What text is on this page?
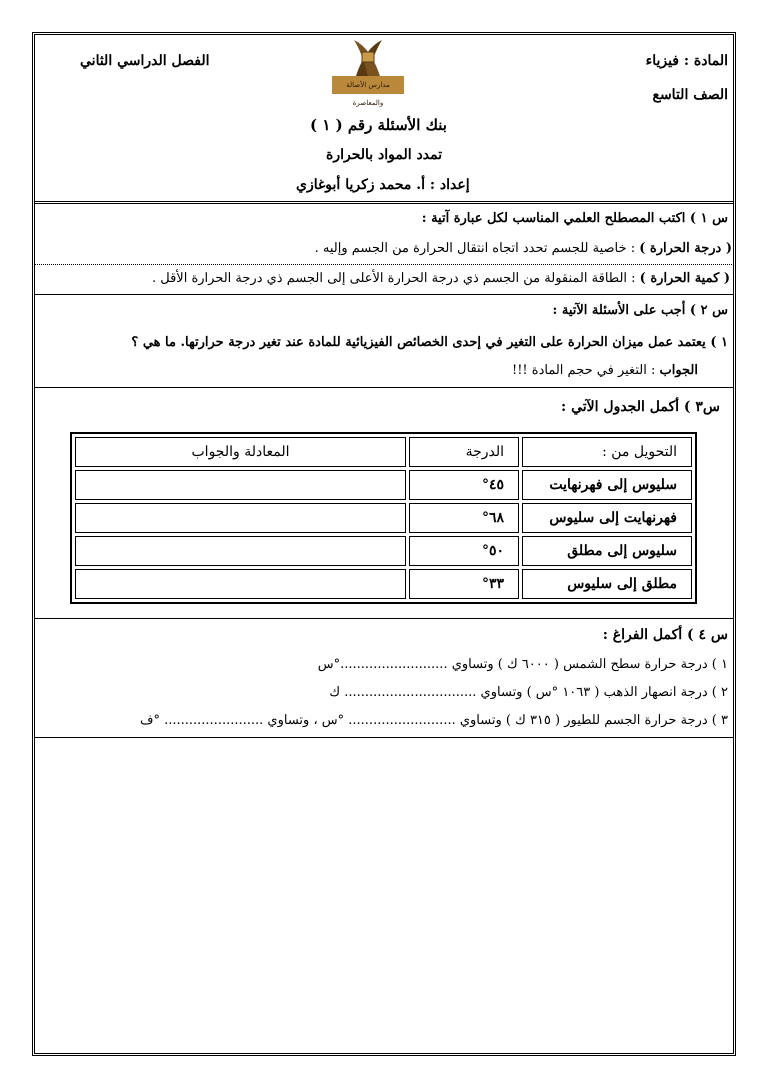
المادة : فيزياء
الصف التاسع
الفصل الدراسي الثاني
مدارس الأصالة والمعاصرة
بنك الأسئلة رقم ( ١ )
تمدد المواد بالحرارة
إعداد : أ. محمد زكريا أبوغازي
س ١ ) اكتب المصطلح العلمي المناسب لكل عبارة آتية :
( درجة الحرارة ) : خاصية للجسم تحدد اتجاه انتقال الحرارة من الجسم وإليه .
( كمية الحرارة ) : الطاقة المنقولة من الجسم ذي درجة الحرارة الأعلى إلى الجسم ذي درجة الحرارة الأقل .
س ٢ ) أجب على الأسئلة الآتية :
١ ) يعتمد عمل ميزان الحرارة على التغير في إحدى الخصائص الفيزيائية للمادة عند تغير درجة حرارتها. ما هي ؟
الجواب : التغير في حجم المادة !!!
س٣ ) أكمل الجدول الآتي :
التحويل من :	الدرجة	المعادلة والجواب
سليوس إلى فهرنهايت	٤٥°	
فهرنهايت إلى سليوس	٦٨°	
سليوس إلى مطلق	٥٠°	
مطلق إلى سليوس	٣٣°	
س ٤ ) أكمل الفراغ :
١ ) درجة حرارة سطح الشمس ( ٦٠٠٠ ك ) وتساوي ..........................°س
٢ ) درجة انصهار الذهب ( ١٠٦٣ °س ) وتساوي ................................ ك
٣ ) درجة حرارة الجسم للطيور ( ٣١٥ ك ) وتساوي .......................... °س ، وتساوي ........................ °ف
